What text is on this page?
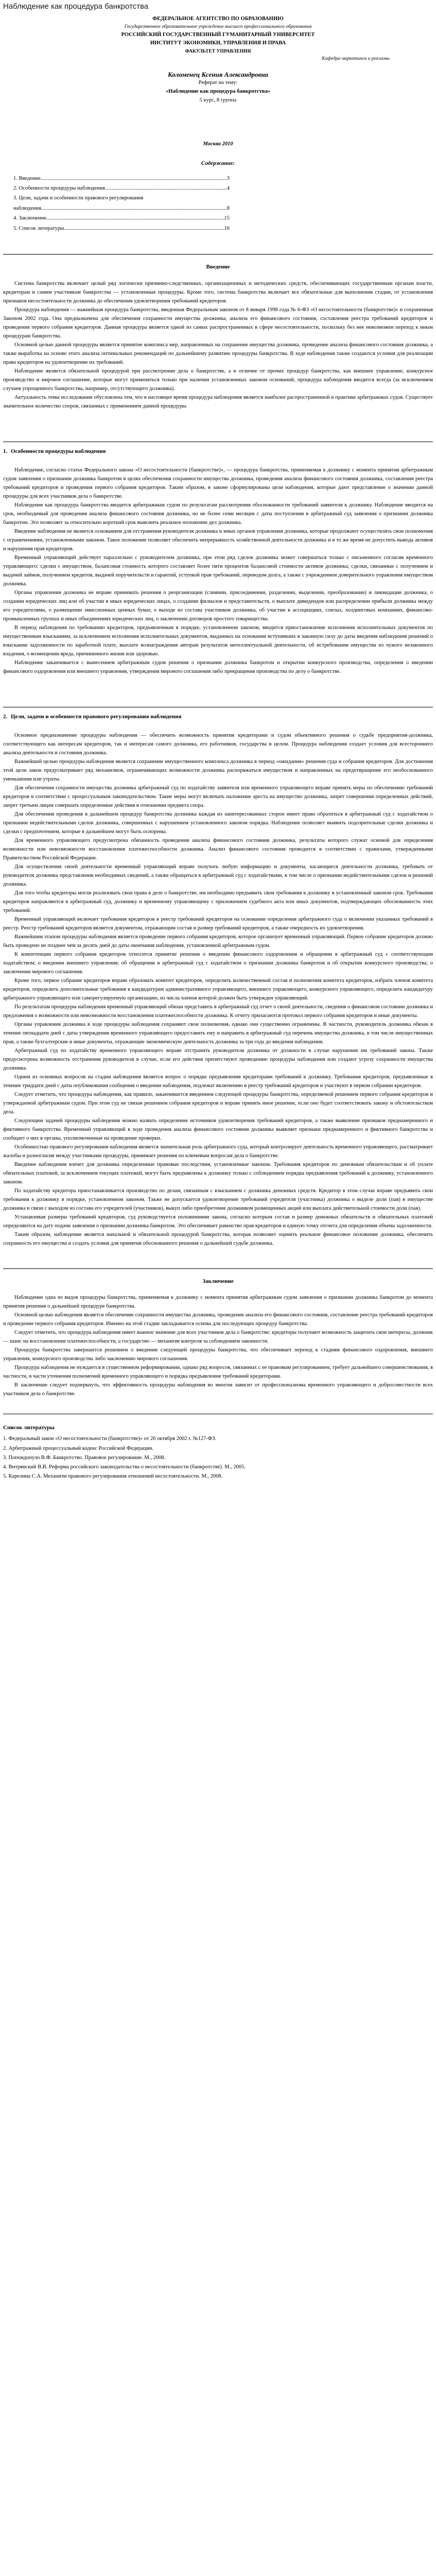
Наблюдение как процедура банкротства
ФЕДЕРАЛЬНОЕ АГЕНТСТВО ПО ОБРАЗОВАНИЮ
Государственное образовательное учреждение высшего профессионального образования
РОССИЙСКИЙ ГОСУДАРСТВЕННЫЙ ГУМАНИТАРНЫЙ УНИВЕРСИТЕТ
ИНСТИТУТ ЭКОНОМИКИ, УПРАВЛЕНИЯ И ПРАВА
ФАКУЛЬТЕТ УПРАВЛЕНИЯ
Кафедра маркетинга и рекламы
Коломенец Ксения Александровна
Реферат на тему:
«Наблюдение как процедура банкротства»
5 курс, 8 группа
Москва 2010
Содержание:
1. Введение .....	3
2. Особенности процедуры наблюдения .....	4
3. Цели, задачи и особенности правового регулирования
наблюдения .....	8
4. Заключение .....	15
5. Список литературы .....	16
Введение

Система банкротства включает целый ряд логически причинно-следственных, организационных и методических средств, обеспечивающих государственным органам власти, кредиторам и самим участникам банкротства — установленные процедуры. Кроме того, система банкротства включает все обязательные для выполнения стадии, от установления признаков несостоятельности должника до обеспечения удовлетворения требований кредиторов.

Процедура наблюдения — важнейшая процедура банкротства, введенная Федеральным законом от 8 января 1998 года № 6-ФЗ «О несостоятельности (банкротстве)» и сохраненная Законом 2002 года. Она предназначена для обеспечения сохранности имущества должника, анализа его финансового состояния, составления реестра требований кредиторов и проведения первого собрания кредиторов. Данная процедура является одной из самых распространенных в сфере несостоятельности, поскольку без нее невозможен переход к иным процедурам банкротства.

Основной целью данной процедуры является принятие комплекса мер, направленных на сохранение имущества должника, проведение анализа финансового состояния должника, а также выработка на основе этого анализа оптимальных рекомендаций по дальнейшему развитию процедуры банкротства. В ходе наблюдения также создаются условия для реализации права кредиторов на удовлетворение их требований.

Наблюдение является обязательной процедурой при рассмотрении дела о банкротстве, а в отличие от прочих процедур банкротства, как внешнее управление, конкурсное производство и мировое соглашение, которые могут применяться только при наличии установленных законом оснований, процедура наблюдения вводится всегда (за исключением случаев упрощенного банкротства, например, отсутствующего должника).

Актуальность темы исследования обусловлена тем, что в настоящее время процедура наблюдения является наиболее распространенной в практике арбитражных судов. Существует значительное количество споров, связанных с применением данной процедуры.

1. Особенности процедуры наблюдения

Наблюдение, согласно статье Федерального закона «О несостоятельности (банкротстве)», — процедура банкротства, применяемая к должнику с момента принятия арбитражным судом заявления о признании должника банкротом в целях обеспечения сохранности имущества должника, проведения анализа финансового состояния должника, составления реестра требований кредиторов и проведения первого собрания кредиторов. Таким образом, в законе сформулированы цели наблюдения, которые дают представление о значении данной процедуры для всех участников дела о банкротстве.

Наблюдение как процедура банкротства вводится арбитражным судом по результатам рассмотрения обоснованности требований заявителя к должнику. Наблюдение вводится на срок, необходимый для проведения анализа финансового состояния должника, но не более семи месяцев с даты поступления в арбитражный суд заявления о признании должника банкротом. Это позволяет за относительно короткий срок выяснить реальное положение дел должника.

Введение наблюдения не является основанием для отстранения руководителя должника и иных органов управления должника, которые продолжают осуществлять свои полномочия с ограничениями, установленными законом. Такое положение позволяет обеспечить непрерывность хозяйственной деятельности должника и в то же время не допустить вывода активов и нарушения прав кредиторов.

Временный управляющий действует параллельно с руководителем должника, при этом ряд сделок должника может совершаться только с письменного согласия временного управляющего: сделки с имуществом, балансовая стоимость которого составляет более пяти процентов балансовой стоимости активов должника; сделки, связанные с получением и выдачей займов, получением кредитов, выдачей поручительств и гарантий, уступкой прав требований, переводом долга, а также с учреждением доверительного управления имуществом должника.

Органы управления должника не вправе принимать решения о реорганизации (слиянии, присоединении, разделении, выделении, преобразовании) и ликвидации должника, о создании юридических лиц или об участии в иных юридических лицах, о создании филиалов и представительств, о выплате дивидендов или распределении прибыли должника между его учредителями, о размещении эмиссионных ценных бумаг, о выходе из состава участников должника, об участии в ассоциациях, союзах, холдинговых компаниях, финансово-промышленных группах и иных объединениях юридических лиц, о заключении договоров простого товарищества.

В период наблюдения по требованию кредиторов, предъявленным в порядке, установленном законом, вводится приостановление исполнения исполнительных документов по имущественным взысканиям, за исключением исполнения исполнительных документов, выданных на основании вступивших в законную силу до даты введения наблюдения решений о взыскании задолженности по заработной плате, выплате вознаграждения авторам результатов интеллектуальной деятельности, об истребовании имущества из чужого незаконного владения, о возмещении вреда, причиненного жизни или здоровью.

Наблюдение заканчивается с вынесением арбитражным судом решения о признании должника банкротом и открытии конкурсного производства, определения о введении финансового оздоровления или внешнего управления, утверждения мирового соглашения либо прекращения производства по делу о банкротстве.

2. Цели, задачи и особенности правового регулирования наблюдения

Основное предназначение процедуры наблюдения — обеспечить возможность принятия кредиторами и судом объективного решения о судьбе предприятия-должника, соответствующего как интересам кредиторов, так и интересам самого должника, его работников, государства в целом. Процедура наблюдения создает условия для всестороннего анализа деятельности и состояния должника.

Важнейшей целью процедуры наблюдения является сохранение имущественного комплекса должника в период «ожидания» решения суда и собрания кредиторов. Для достижения этой цели закон предусматривает ряд механизмов, ограничивающих возможности должника распоряжаться имуществом и направленных на предотвращение его необоснованного уменьшения или утраты.

Для обеспечения сохранности имущества должника арбитражный суд по ходатайству заявителя или временного управляющего вправе принять меры по обеспечению требований кредиторов в соответствии с процессуальным законодательством. Такие меры могут включать наложение ареста на имущество должника, запрет совершения определенных действий, запрет третьим лицам совершать определенные действия в отношении предмета спора.

Для обеспечения проведения в дальнейшем процедур банкротства должника каждая из заинтересованных сторон имеет право обратиться в арбитражный суд с ходатайством о признании недействительными сделок должника, совершенных с нарушением установленного законом порядка. Наблюдение позволяет выявить подозрительные сделки должника и сделки с предпочтением, которые в дальнейшем могут быть оспорены.

Для временного управляющего предусмотрена обязанность проведения анализа финансового состояния должника, результаты которого служат основой для определения возможности или невозможности восстановления платежеспособности должника. Анализ финансового состояния проводится в соответствии с правилами, утвержденными Правительством Российской Федерации.

Для осуществления своей деятельности временный управляющий вправе получать любую информацию и документы, касающиеся деятельности должника, требовать от руководителя должника представления необходимых сведений, а также обращаться в арбитражный суд с ходатайствами, в том числе о признании недействительными сделок и решений должника.

Для того чтобы кредиторы могли реализовать свои права в деле о банкротстве, им необходимо предъявить свои требования к должнику в установленный законом срок. Требования кредиторов направляются в арбитражный суд, должнику и временному управляющему с приложением судебного акта или иных документов, подтверждающих обоснованность этих требований.

Временный управляющий включает требования кредиторов в реестр требований кредиторов на основании определения арбитражного суда о включении указанных требований в реестр. Реестр требований кредиторов является документом, отражающим состав и размер требований кредиторов, а также очередность их удовлетворения.

Важнейшим этапом процедуры наблюдения является проведение первого собрания кредиторов, которое организует временный управляющий. Первое собрание кредиторов должно быть проведено не позднее чем за десять дней до даты окончания наблюдения, установленной арбитражным судом.

К компетенции первого собрания кредиторов относится принятие решения о введении финансового оздоровления и обращении в арбитражный суд с соответствующим ходатайством; о введении внешнего управления; об обращении в арбитражный суд с ходатайством о признании должника банкротом и об открытии конкурсного производства; о заключении мирового соглашения.

Кроме того, первое собрание кредиторов вправе образовать комитет кредиторов, определить количественный состав и полномочия комитета кредиторов, избрать членов комитета кредиторов, определить дополнительные требования к кандидатурам административного управляющего, внешнего управляющего, конкурсного управляющего, определить кандидатуру арбитражного управляющего или саморегулируемую организацию, из числа членов которой должен быть утвержден управляющий.

По результатам процедуры наблюдения временный управляющий обязан представить в арбитражный суд отчет о своей деятельности, сведения о финансовом состоянии должника и предложения о возможности или невозможности восстановления платежеспособности должника. К отчету прилагаются протокол первого собрания кредиторов и иные документы.

Органы управления должника в ходе процедуры наблюдения сохраняют свои полномочия, однако они существенно ограничены. В частности, руководитель должника обязан в течение пятнадцати дней с даты утверждения временного управляющего предоставить ему и направить в арбитражный суд перечень имущества должника, в том числе имущественных прав, а также бухгалтерские и иные документы, отражающие экономическую деятельность должника за три года до введения наблюдения.

Арбитражный суд по ходатайству временного управляющего вправе отстранить руководителя должника от должности в случае нарушения им требований закона. Также предусмотрена возможность отстранения руководителя в случае, если его действия препятствуют проведению процедуры наблюдения или создают угрозу сохранности имущества должника.

Одним из основных вопросов на стадии наблюдения является вопрос о порядке предъявления кредиторами требований к должнику. Требования кредиторов, предъявленные в течение тридцати дней с даты опубликования сообщения о введении наблюдения, подлежат включению в реестр требований кредиторов и участвуют в первом собрании кредиторов.

Следует отметить, что процедура наблюдения, как правило, заканчивается введением следующей процедуры банкротства, определяемой решением первого собрания кредиторов и утверждаемой арбитражным судом. При этом суд не связан решением собрания кредиторов и вправе принять иное решение, если оно будет соответствовать закону и обстоятельствам дела.

Следующим задачей процедуры наблюдения можно назвать определение источников удовлетворения требований кредиторов, а также выявление признаков преднамеренного и фиктивного банкротства. Временный управляющий в ходе проведения анализа финансового состояния должника выявляет признаки преднамеренного и фиктивного банкротства и сообщает о них в органы, уполномоченные на проведение проверки.

Особенностью правового регулирования наблюдения является значительная роль арбитражного суда, который контролирует деятельность временного управляющего, рассматривает жалобы и разногласия между участниками процедуры, принимает решения по ключевым вопросам дела о банкротстве.

Введение наблюдения влечет для должника определенные правовые последствия, установленные законом. Требования кредиторов по денежным обязательствам и об уплате обязательных платежей, за исключением текущих платежей, могут быть предъявлены к должнику только с соблюдением порядка предъявления требований к должнику, установленного законом.

По ходатайству кредитора приостанавливается производство по делам, связанным с взысканием с должника денежных средств. Кредитор в этом случае вправе предъявить свои требования к должнику в порядке, установленном законом. Также не допускается удовлетворение требований учредителя (участника) должника о выделе доли (пая) в имуществе должника в связи с выходом из состава его учредителей (участников), выкуп либо приобретение должником размещенных акций или выплата действительной стоимости доли (пая).

Устанавливая размеры требований кредиторов, суд руководствуется положениями закона, согласно которым состав и размер денежных обязательств и обязательных платежей определяются на дату подачи заявления о признании должника банкротом. Это обеспечивает равенство прав кредиторов и единую точку отсчета для определения объема задолженности.

Таким образом, наблюдение является начальной и обязательной процедурой банкротства, которая позволяет оценить реальное финансовое положение должника, обеспечить сохранность его имущества и создать условия для принятия обоснованного решения о дальнейшей судьбе должника.

Заключение

Наблюдение одна из видов процедуры банкротства, применяемая к должнику с момента принятия арбитражным судом заявления о признании должника банкротом до момента принятия решения о дальнейшей процедуре банкротства.

Основной целью наблюдения является обеспечение сохранности имущества должника, проведение анализа его финансового состояния, составление реестра требований кредиторов и проведение первого собрания кредиторов. Именно на этой стадии закладывается основа для последующих процедур банкротства.

Следует отметить, что процедура наблюдения имеет важное значение для всех участников дела о банкротстве: кредиторы получают возможность защитить свои интересы, должник — шанс на восстановление платежеспособности, а государство — механизм контроля за соблюдением законности.

Процедура банкротства завершается решением о введении следующей процедуры банкротства, что обеспечивает переход к стадиям финансового оздоровления, внешнего управления, конкурсного производства либо заключению мирового соглашения.

Процедура наблюдения не нуждается в существенном реформировании, однако ряд вопросов, связанных с ее правовым регулированием, требует дальнейшего совершенствования, в частности, в части уточнения полномочий временного управляющего и порядка предъявления требований кредиторами.

В заключение следует подчеркнуть, что эффективность процедуры наблюдения во многом зависит от профессионализма временного управляющего и добросовестности всех участников дела о банкротстве.

Список литературы
1. Федеральный закон «О несостоятельности (банкротстве)» от 26 октября 2002 г. №127-ФЗ.
2. Арбитражный процессуальный кодекс Российской Федерации.
3. Попондопуло В.Ф. Банкротство. Правовое регулирование. М., 2008.
4. Витрянский В.В. Реформа российского законодательства о несостоятельности (банкротстве). М., 2005.
5. Карелина С.А. Механизм правового регулирования отношений несостоятельности. М., 2008.
